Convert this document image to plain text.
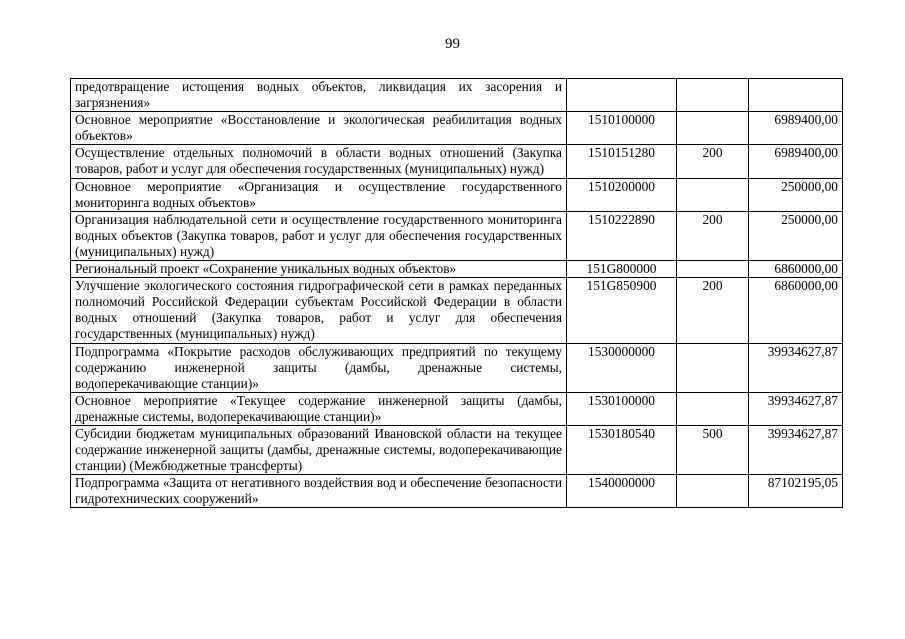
99
предотвращение истощения водных объектов, ликвидация их засорения и загрязнения»			
Основное мероприятие «Восстановление и экологическая реабилитация водных объектов»	1510100000		6989400,00
Осуществление отдельных полномочий в области водных отношений (Закупка товаров, работ и услуг для обеспечения государственных (муниципальных) нужд)	1510151280	200	6989400,00
Основное мероприятие «Организация и осуществление государственного мониторинга водных объектов»	1510200000		250000,00
Организация наблюдательной сети и осуществление государственного мониторинга водных объектов (Закупка товаров, работ и услуг для обеспечения государственных (муниципальных) нужд)	1510222890	200	250000,00
Региональный проект «Сохранение уникальных водных объектов»	151G800000		6860000,00
Улучшение экологического состояния гидрографической сети в рамках переданных полномочий Российской Федерации субъектам Российской Федерации в области водных отношений (Закупка товаров, работ и услуг для обеспечения государственных (муниципальных) нужд)	151G850900	200	6860000,00
Подпрограмма «Покрытие расходов обслуживающих предприятий по текущему содержанию инженерной защиты (дамбы, дренажные системы, водоперекачивающие станции)»	1530000000		39934627,87
Основное мероприятие «Текущее содержание инженерной защиты (дамбы, дренажные системы, водоперекачивающие станции)»	1530100000		39934627,87
Субсидии бюджетам муниципальных образований Ивановской области на текущее содержание инженерной защиты (дамбы, дренажные системы, водоперекачивающие станции) (Межбюджетные трансферты)	1530180540	500	39934627,87
Подпрограмма «Защита от негативного воздействия вод и обеспечение безопасности гидротехнических сооружений»	1540000000		87102195,05
